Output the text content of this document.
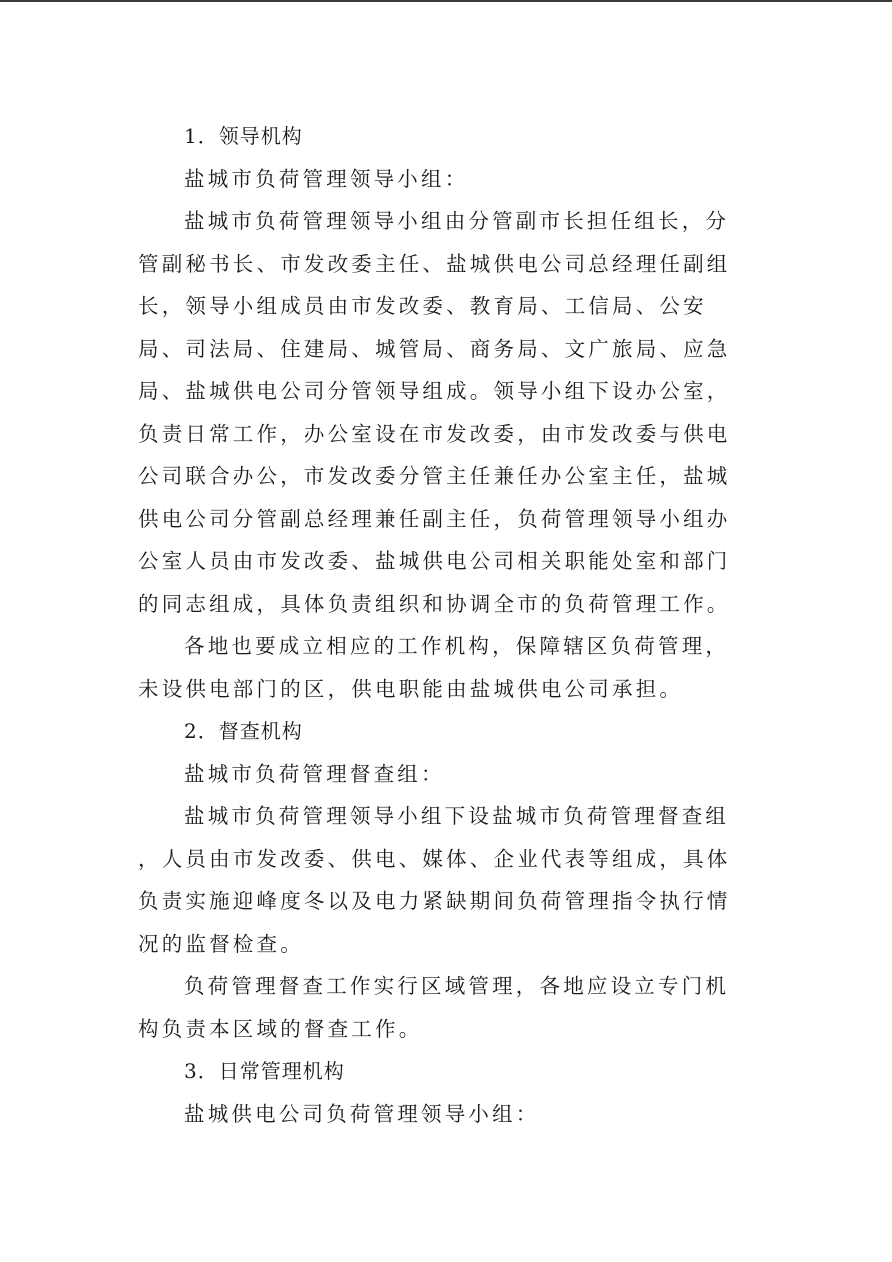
1．领导机构
盐城市负荷管理领导小组：
盐城市负荷管理领导小组由分管副市长担任组长，分
管副秘书长、市发改委主任、盐城供电公司总经理任副组
长，领导小组成员由市发改委、教育局、工信局、公安
局、司法局、住建局、城管局、商务局、文广旅局、应急
局、盐城供电公司分管领导组成。领导小组下设办公室，
负责日常工作，办公室设在市发改委，由市发改委与供电
公司联合办公，市发改委分管主任兼任办公室主任，盐城
供电公司分管副总经理兼任副主任，负荷管理领导小组办
公室人员由市发改委、盐城供电公司相关职能处室和部门
的同志组成，具体负责组织和协调全市的负荷管理工作。
各地也要成立相应的工作机构，保障辖区负荷管理，
未设供电部门的区，供电职能由盐城供电公司承担。
2．督查机构
盐城市负荷管理督查组：
盐城市负荷管理领导小组下设盐城市负荷管理督查组
，人员由市发改委、供电、媒体、企业代表等组成，具体
负责实施迎峰度冬以及电力紧缺期间负荷管理指令执行情
况的监督检查。
负荷管理督查工作实行区域管理，各地应设立专门机
构负责本区域的督查工作。
3．日常管理机构
盐城供电公司负荷管理领导小组：
